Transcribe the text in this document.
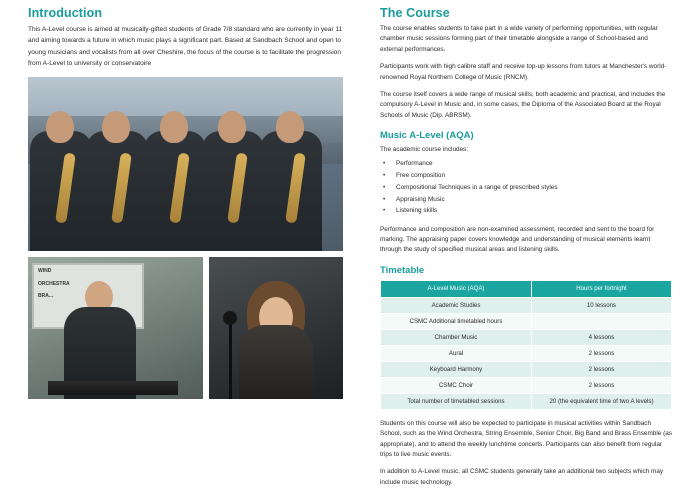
Introduction

This A-Level course is aimed at musically-gifted students of Grade 7/8 standard who are currently in year 11 and aiming towards a future in which music plays a significant part. Based at Sandbach School and open to young musicians and vocalists from all over Cheshire, the focus of the course is to facilitate the progression from A-Level to university or conservatoire

WIND
ORCHESTRA
BRA...
The Course

The course enables students to take part in a wide variety of performing opportunities, with regular chamber music sessions forming part of their timetable alongside a range of School-based and external performances.

Participants work with high calibre staff and receive top-up lessons from tutors at Manchester's world-renowned Royal Northern College of Music (RNCM).

The course itself covers a wide range of musical skills, both academic and practical, and includes the compulsory A-Level in Music and, in some cases, the Diploma of the Associated Board at the Royal Schools of Music (Dip. ABRSM).

Music A-Level (AQA)

The academic course includes:

• Performance
• Free composition
• Compositional Techniques in a range of prescribed styles
• Appraising Music
• Listening skills

Performance and composition are non-examined assessment, recorded and sent to the board for marking. The appraising paper covers knowledge and understanding of musical elements learnt through the study of specified musical areas and listening skills.

Timetable
A-Level Music (AQA)	Hours per fortnight
Academic Studies	10 lessons
CSMC Additional timetabled hours	
Chamber Music	4 lessons
Aural	2 lessons
Keyboard Harmony	2 lessons
CSMC Choir	2 lessons
Total number of timetabled sessions	20 (the equivalent time of two A levels)

Students on this course will also be expected to participate in musical activities within Sandbach School, such as the Wind Orchestra, String Ensemble, Senior Choir, Big Band and Brass Ensemble (as appropriate), and to attend the weekly lunchtime concerts. Participants can also benefit from regular trips to live music events.

In addition to A-Level music, all CSMC students generally take an additional two subjects which may include music technology.
